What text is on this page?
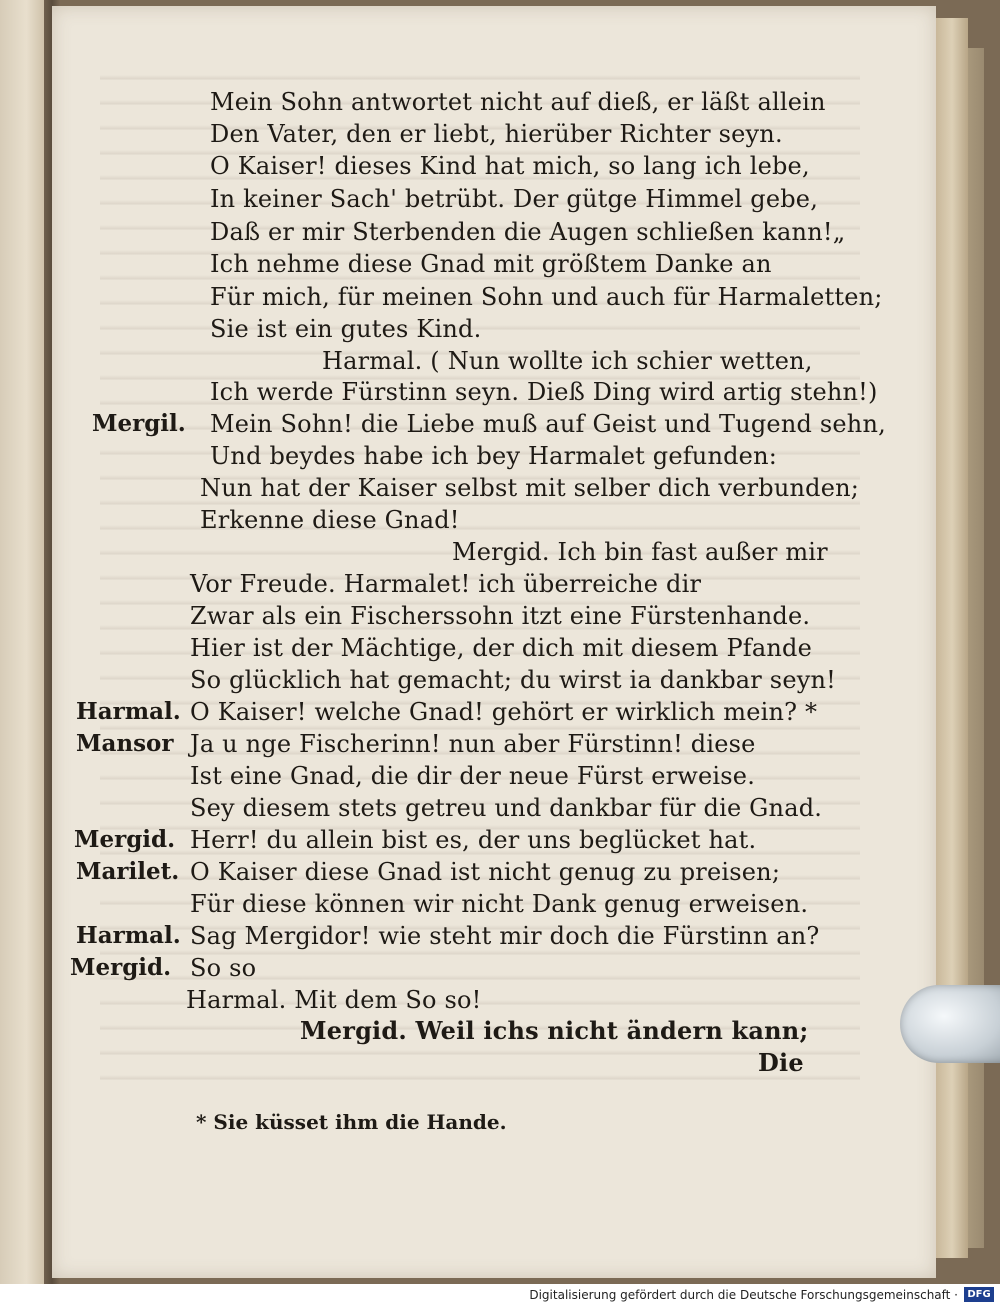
Mein Sohn antwortet nicht auf dieß, er läßt allein
Den Vater, den er liebt, hierüber Richter seyn.
O Kaiser! dieses Kind hat mich, so lang ich lebe,
In keiner Sach' betrübt. Der gütge Himmel gebe,
Daß er mir Sterbenden die Augen schließen kann!„
Ich nehme diese Gnad mit größtem Danke an
Für mich, für meinen Sohn und auch für Harmaletten;
Sie ist ein gutes Kind.
Harmal. ( Nun wollte ich schier wetten,
Ich werde Fürstinn seyn. Dieß Ding wird artig stehn!)
Mergil. Mein Sohn! die Liebe muß auf Geist und Tugend sehn,
Und beydes habe ich bey Harmalet gefunden:
Nun hat der Kaiser selbst mit selber dich verbunden;
Erkenne diese Gnad!
Mergid. Ich bin fast außer mir
Vor Freude. Harmalet! ich überreiche dir
Zwar als ein Fischerssohn itzt eine Fürstenhande.
Hier ist der Mächtige, der dich mit diesem Pfande
So glücklich hat gemacht; du wirst ia dankbar seyn!
Harmal. O Kaiser! welche Gnad! gehört er wirklich mein? *
Mansor Ja u nge Fischerinn! nun aber Fürstinn! diese
Ist eine Gnad, die dir der neue Fürst erweise.
Sey diesem stets getreu und dankbar für die Gnad.
Mergid. Herr! du allein bist es, der uns beglücket hat.
Marilet. O Kaiser diese Gnad ist nicht genug zu preisen;
Für diese können wir nicht Dank genug erweisen.
Harmal. Sag Mergidor! wie steht mir doch die Fürstinn an?
Mergid. So so
Harmal. Mit dem So so!
Mergid. Weil ichs nicht ändern kann;
Die
* Sie küsset ihm die Hande.
Digitalisierung gefördert durch die Deutsche Forschungsgemeinschaft · DFG
